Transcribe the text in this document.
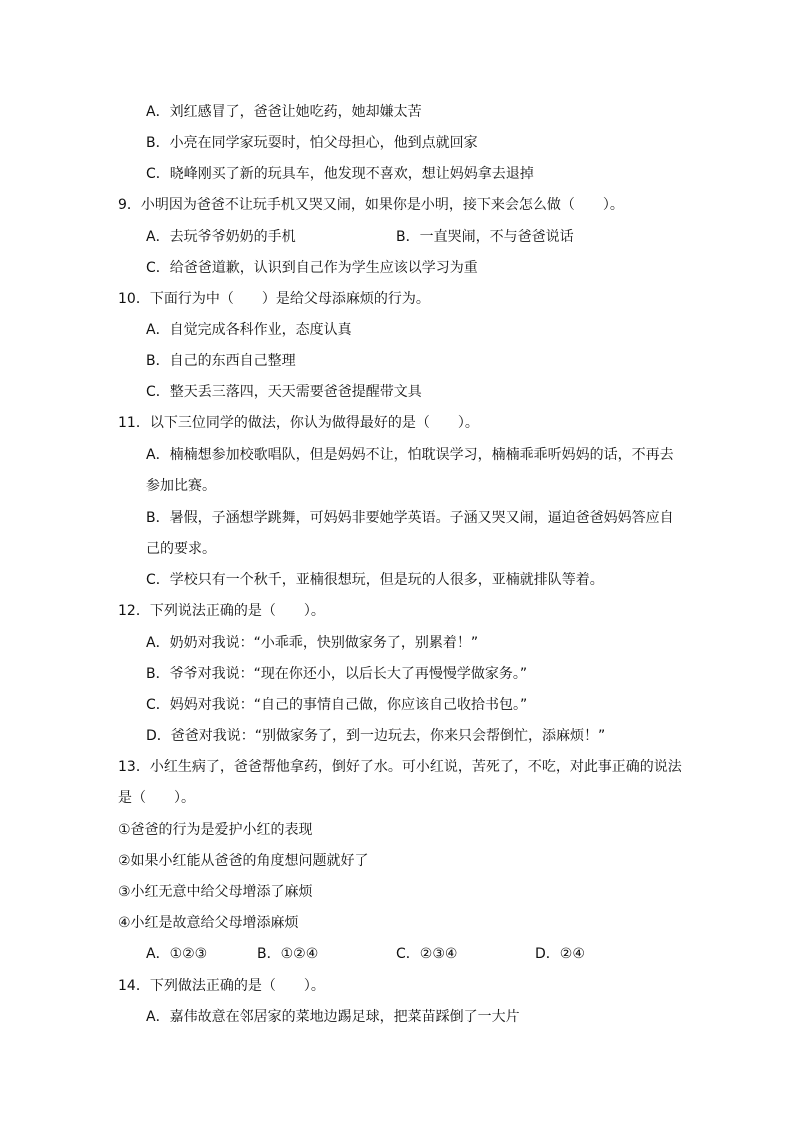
A．刘红感冒了，爸爸让她吃药，她却嫌太苦
B．小亮在同学家玩耍时，怕父母担心，他到点就回家
C．晓峰刚买了新的玩具车，他发现不喜欢，想让妈妈拿去退掉
9．小明因为爸爸不让玩手机又哭又闹，如果你是小明，接下来会怎么做（　　）。
A．去玩爷爷奶奶的手机	B．一直哭闹，不与爸爸说话
C．给爸爸道歉，认识到自己作为学生应该以学习为重
10．下面行为中（　　）是给父母添麻烦的行为。
A．自觉完成各科作业，态度认真
B．自己的东西自己整理
C．整天丢三落四，天天需要爸爸提醒带文具
11．以下三位同学的做法，你认为做得最好的是（　　）。
A．楠楠想参加校歌唱队，但是妈妈不让，怕耽误学习，楠楠乖乖听妈妈的话，不再去
参加比赛。
B．暑假，子涵想学跳舞，可妈妈非要她学英语。子涵又哭又闹，逼迫爸爸妈妈答应自
己的要求。
C．学校只有一个秋千，亚楠很想玩，但是玩的人很多，亚楠就排队等着。
12．下列说法正确的是（　　）。
A．奶奶对我说：“小乖乖，快别做家务了，别累着！”
B．爷爷对我说：“现在你还小，以后长大了再慢慢学做家务。”
C．妈妈对我说：“自己的事情自己做，你应该自己收拾书包。”
D．爸爸对我说：“别做家务了，到一边玩去，你来只会帮倒忙，添麻烦！”
13．小红生病了，爸爸帮他拿药，倒好了水。可小红说，苦死了，不吃，对此事正确的说法
是（　　）。
①爸爸的行为是爱护小红的表现
②如果小红能从爸爸的角度想问题就好了
③小红无意中给父母增添了麻烦
④小红是故意给父母增添麻烦
A．①②③	B．①②④	C．②③④	D．②④
14．下列做法正确的是（　　）。
A．嘉伟故意在邻居家的菜地边踢足球，把菜苗踩倒了一大片
